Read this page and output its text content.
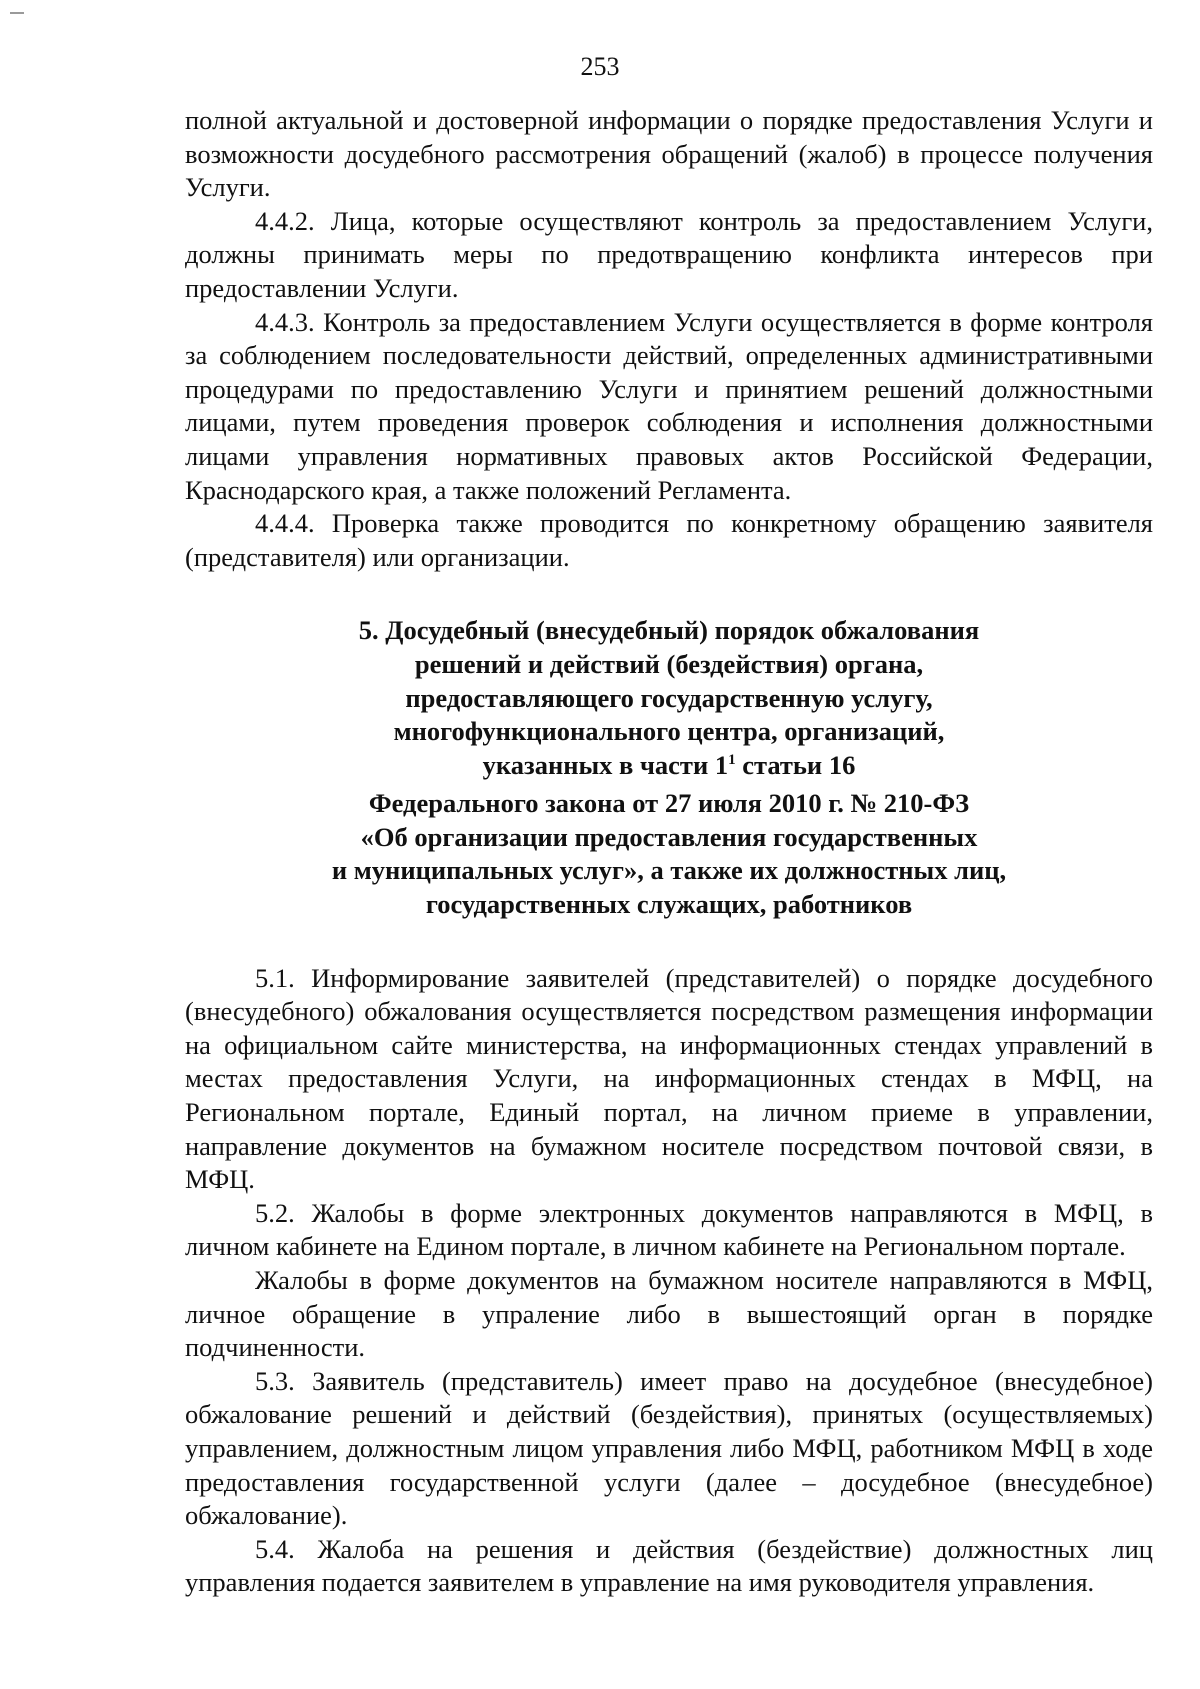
253

полной актуальной и достоверной информации о порядке предоставления Услуги и возможности досудебного рассмотрения обращений (жалоб) в процессе получения Услуги.

4.4.2. Лица, которые осуществляют контроль за предоставлением Услуги, должны принимать меры по предотвращению конфликта интересов при предоставлении Услуги.

4.4.3. Контроль за предоставлением Услуги осуществляется в форме контроля за соблюдением последовательности действий, определенных административными процедурами по предоставлению Услуги и принятием решений должностными лицами, путем проведения проверок соблюдения и исполнения должностными лицами управления нормативных правовых актов Российской Федерации, Краснодарского края, а также положений Регламента.

4.4.4. Проверка также проводится по конкретному обращению заявителя (представителя) или организации.

5. Досудебный (внесудебный) порядок обжалования
решений и действий (бездействия) органа,
предоставляющего государственную услугу,
многофункционального центра, организаций,
указанных в части $1^1$ статьи 16
Федерального закона от 27 июля 2010 г. № 210-ФЗ
«Об организации предоставления государственных
и муниципальных услуг», а также их должностных лиц,
государственных служащих, работников

5.1. Информирование заявителей (представителей) о порядке досудебного (внесудебного) обжалования осуществляется посредством размещения информации на официальном сайте министерства, на информационных стендах управлений в местах предоставления Услуги, на информационных стендах в МФЦ, на Региональном портале, Единый портал, на личном приеме в управлении, направление документов на бумажном носителе посредством почтовой связи, в МФЦ.

5.2. Жалобы в форме электронных документов направляются в МФЦ, в личном кабинете на Едином портале, в личном кабинете на Региональном портале.

Жалобы в форме документов на бумажном носителе направляются в МФЦ, личное обращение в упраление либо в вышестоящий орган в порядке подчиненности.

5.3. Заявитель (представитель) имеет право на досудебное (внесудебное) обжалование решений и действий (бездействия), принятых (осуществляемых) управлением, должностным лицом управления либо МФЦ, работником МФЦ в ходе предоставления государственной услуги (далее – досудебное (внесудебное) обжалование).

5.4. Жалоба на решения и действия (бездействие) должностных лиц управления подается заявителем в управление на имя руководителя управления.
